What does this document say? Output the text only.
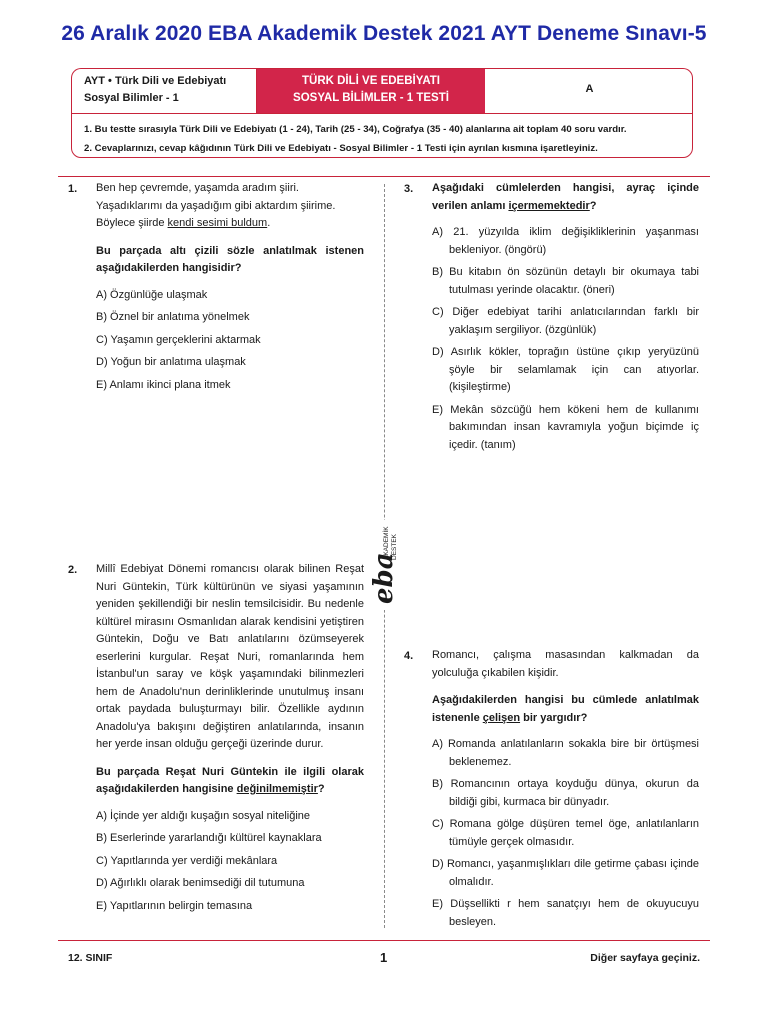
26 Aralık 2020 EBA Akademik Destek 2021 AYT Deneme Sınavı-5
AYT • Türk Dili ve Edebiyatı
Sosyal Bilimler - 1
TÜRK DİLİ VE EDEBİYATI
SOSYAL BİLİMLER - 1 TESTİ
A
1. Bu testte sırasıyla Türk Dili ve Edebiyatı (1 - 24), Tarih (25 - 34), Coğrafya (35 - 40) alanlarına ait toplam 40 soru vardır.
2. Cevaplarınızı, cevap kâğıdının Türk Dili ve Edebiyatı - Sosyal Bilimler - 1 Testi için ayrılan kısmına işaretleyiniz.
1. Ben hep çevremde, yaşamda aradım şiiri.

Yaşadıklarımı da yaşadığım gibi aktardım şiirime.

Böylece şiirde kendi sesimi buldum.

Bu parçada altı çizili sözle anlatılmak istenen aşağıdakilerden hangisidir?

A) Özgünlüğe ulaşmak

B) Öznel bir anlatıma yönelmek

C) Yaşamın gerçeklerini aktarmak

D) Yoğun bir anlatıma ulaşmak

E) Anlamı ikinci plana itmek

2. Millî Edebiyat Dönemi romancısı olarak bilinen Reşat Nuri Güntekin, Türk kültürünün ve siyasi yaşamının yeniden şekillendiği bir neslin temsilcisidir. Bu nedenle kültürel mirasını Osmanlıdan alarak kendisini yetiştiren Güntekin, Doğu ve Batı anlatılarını özümseyerek eserlerini kurgular. Reşat Nuri, romanlarında hem İstanbul'un saray ve köşk yaşamındaki bilinmezleri hem de Anadolu'nun derinliklerinde unutulmuş insanı ortak paydada buluşturmayı bilir. Özellikle aydının Anadolu'ya bakışını değiştiren anlatılarında, insanın her yerde insan olduğu gerçeği üzerinde durur.

Bu parçada Reşat Nuri Güntekin ile ilgili olarak aşağıdakilerden hangisine değinilmemiştir?

A) İçinde yer aldığı kuşağın sosyal niteliğine

B) Eserlerinde yararlandığı kültürel kaynaklara

C) Yapıtlarında yer verdiği mekânlara

D) Ağırlıklı olarak benimsediği dil tutumuna

E) Yapıtlarının belirgin temasına

3. Aşağıdaki cümlelerden hangisi, ayraç içinde verilen anlamı içermemektedir?

A) 21. yüzyılda iklim değişikliklerinin yaşanması bekleniyor. (öngörü)

B) Bu kitabın ön sözünün detaylı bir okumaya tabi tutulması yerinde olacaktır. (öneri)

C) Diğer edebiyat tarihi anlatıcılarından farklı bir yaklaşım sergiliyor. (özgünlük)

D) Asırlık kökler, toprağın üstüne çıkıp yeryüzünü şöyle bir selamlamak için can atıyorlar. (kişileştirme)

E) Mekân sözcüğü hem kökeni hem de kullanımı bakımından insan kavramıyla yoğun biçimde iç içedir. (tanım)

4. Romancı, çalışma masasından kalkmadan da yolculuğa çıkabilen kişidir.

Aşağıdakilerden hangisi bu cümlede anlatılmak istenenle çelişen bir yargıdır?

A) Romanda anlatılanların sokakla bire bir örtüşmesi beklenemez.

B) Romancının ortaya koyduğu dünya, okurun da bildiği gibi, kurmaca bir dünyadır.

C) Romana gölge düşüren temel öge, anlatılanların tümüyle gerçek olmasıdır.

D) Romancı, yaşanmışlıkları dile getirme çabası içinde olmalıdır.

E) Düşsellikti r hem sanatçıyı hem de okuyucuyu besleyen.

eba
AKADEMİK DESTEK
12. SINIF	1	Diğer sayfaya geçiniz.
